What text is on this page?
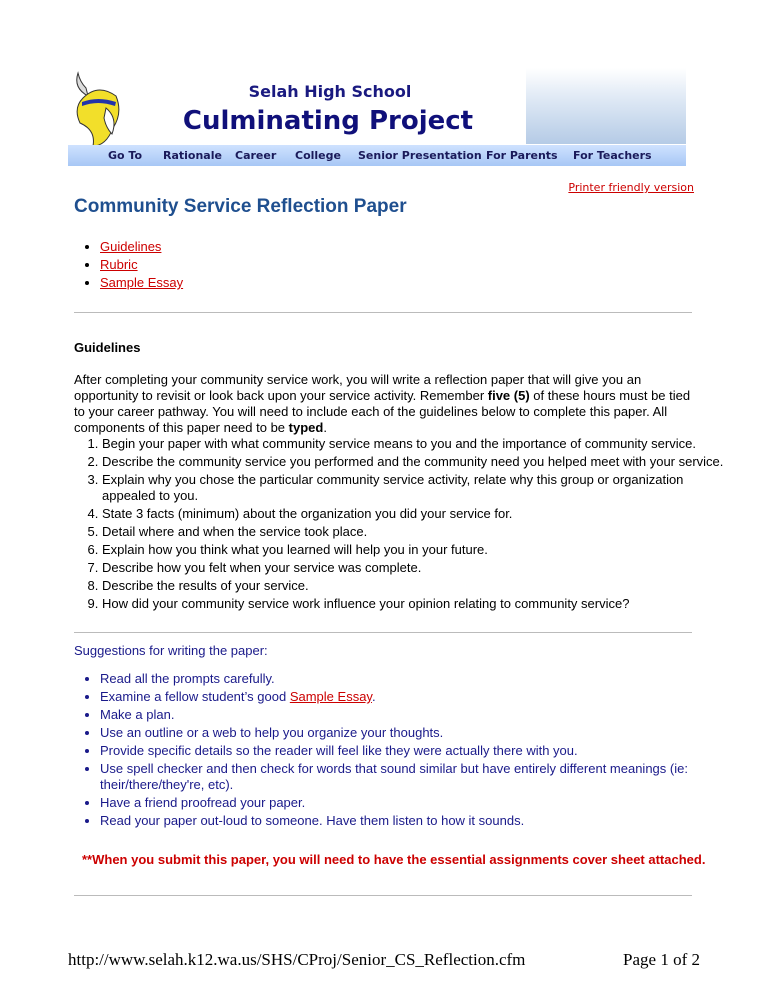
Selah High School
Culminating Project
Go To Rationale Career College Senior Presentation For Parents For Teachers
Printer friendly version
Community Service Reflection Paper
• Guidelines
• Rubric
• Sample Essay
Guidelines
After completing your community service work, you will write a reflection paper that will give you an opportunity to revisit or look back upon your service activity. Remember five (5) of these hours must be tied to your career pathway. You will need to include each of the guidelines below to complete this paper. All components of this paper need to be typed.
1. Begin your paper with what community service means to you and the importance of community service.
2. Describe the community service you performed and the community need you helped meet with your service.
3. Explain why you chose the particular community service activity, relate why this group or organization appealed to you.
4. State 3 facts (minimum) about the organization you did your service for.
5. Detail where and when the service took place.
6. Explain how you think what you learned will help you in your future.
7. Describe how you felt when your service was complete.
8. Describe the results of your service.
9. How did your community service work influence your opinion relating to community service?
Suggestions for writing the paper:
• Read all the prompts carefully.
• Examine a fellow student’s good Sample Essay.
• Make a plan.
• Use an outline or a web to help you organize your thoughts.
• Provide specific details so the reader will feel like they were actually there with you.
• Use spell checker and then check for words that sound similar but have entirely different meanings (ie: their/there/they're, etc).
• Have a friend proofread your paper.
• Read your paper out-loud to someone. Have them listen to how it sounds.
**When you submit this paper, you will need to have the essential assignments cover sheet attached.
http://www.selah.k12.wa.us/SHS/CProj/Senior_CS_Reflection.cfm	Page 1 of 2
